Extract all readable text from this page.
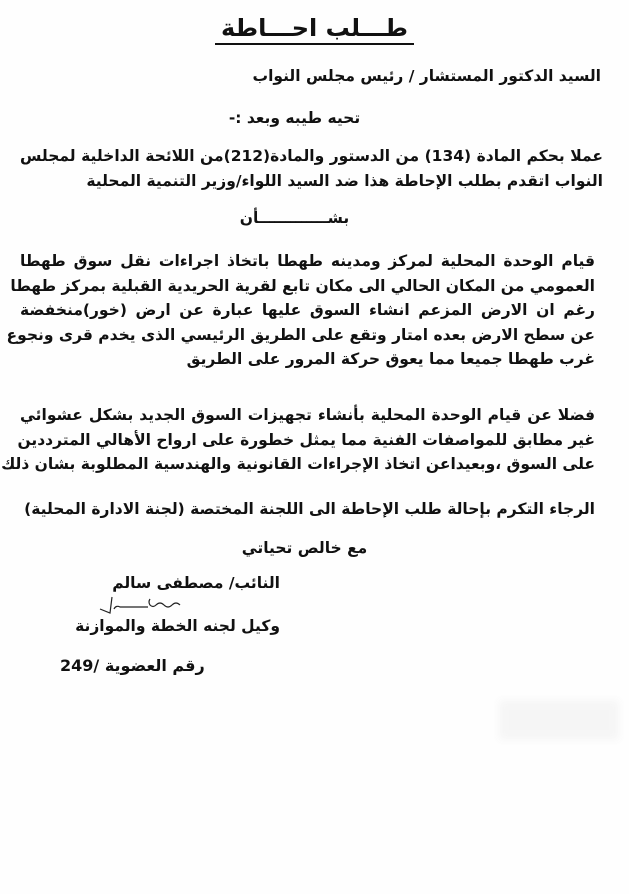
طـــلب احـــاطة
السيد الدكتور المستشار / رئيس مجلس النواب
تحيه طيبه وبعد :-
عملا بحكم المادة (134) من الدستور والمادة(212)من اللائحة الداخلية لمجلس
النواب اتقدم بطلب الإحاطة هذا ضد السيد اللواء/وزير التنمية المحلية
بشـــــــــــــأن
قيام الوحدة المحلية لمركز ومدينه طهطا باتخاذ اجراءات نقل سوق طهطا
العمومي من المكان الحالي الى مكان تابع لقرية الحريدية القبلية بمركز طهطا
رغم ان الارض المزعم انشاء السوق عليها عبارة عن ارض (خور)منخفضة
عن سطح الارض بعده امتار وتقع على الطريق الرئيسي الذى يخدم قرى ونجوع
غرب طهطا جميعا مما يعوق حركة المرور على الطريق
فضلا عن قيام الوحدة المحلية بأنشاء تجهيزات السوق الجديد بشكل عشوائي
غير مطابق للمواصفات الفنية مما يمثل خطورة على ارواح الأهالي المترددين
على السوق ،وبعيداعن اتخاذ الإجراءات القانونية والهندسية المطلوبة بشان ذلك
الرجاء التكرم بإحالة طلب الإحاطة الى اللجنة المختصة (لجنة الادارة المحلية)
مع خالص تحياتي
النائب/ مصطفى سالم
وكيل لجنه الخطة والموازنة
رقم العضوية /249
